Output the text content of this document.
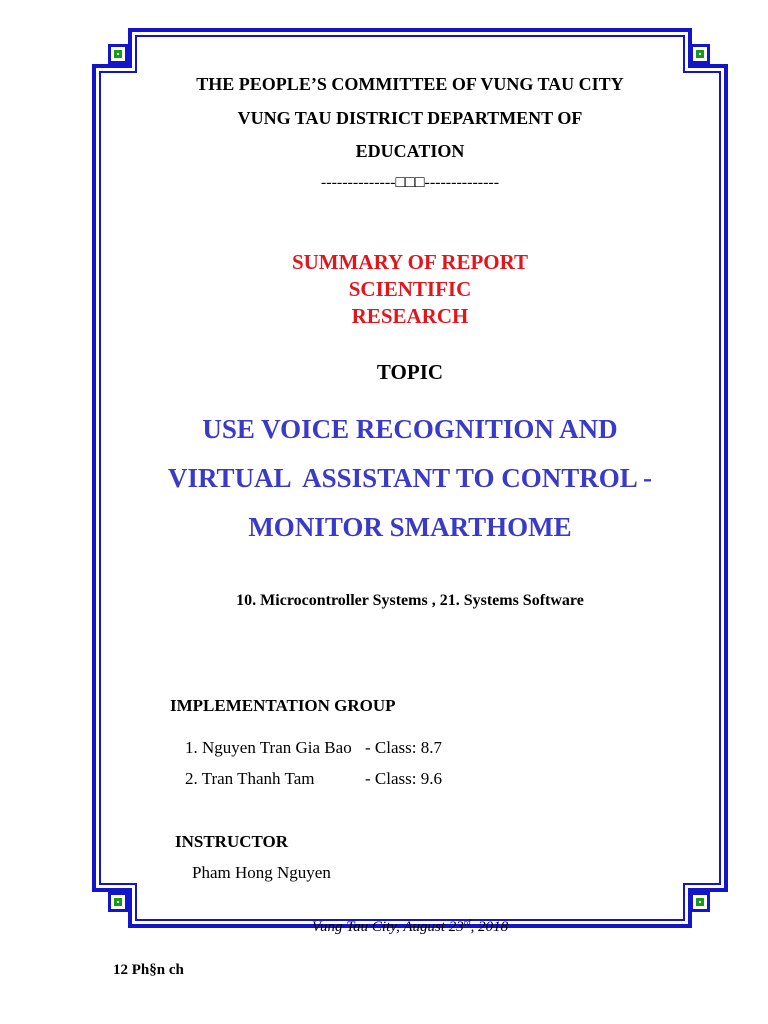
THE PEOPLE’S COMMITTEE OF VUNG TAU CITY
VUNG TAU DISTRICT DEPARTMENT OF
EDUCATION
--------------□□□--------------
SUMMARY OF REPORT
SCIENTIFIC
RESEARCH
TOPIC
USE VOICE RECOGNITION AND
VIRTUAL  ASSISTANT TO CONTROL -
MONITOR SMARTHOME
10. Microcontroller Systems , 21. Systems Software
IMPLEMENTATION GROUP
1. Nguyen Tran Gia Bao - Class: 8.7
2. Tran Thanh Tam	- Class: 9.6
INSTRUCTOR
Pham Hong Nguyen
Vung Tau City, August 23rd, 2018
12 Ph§n ch
